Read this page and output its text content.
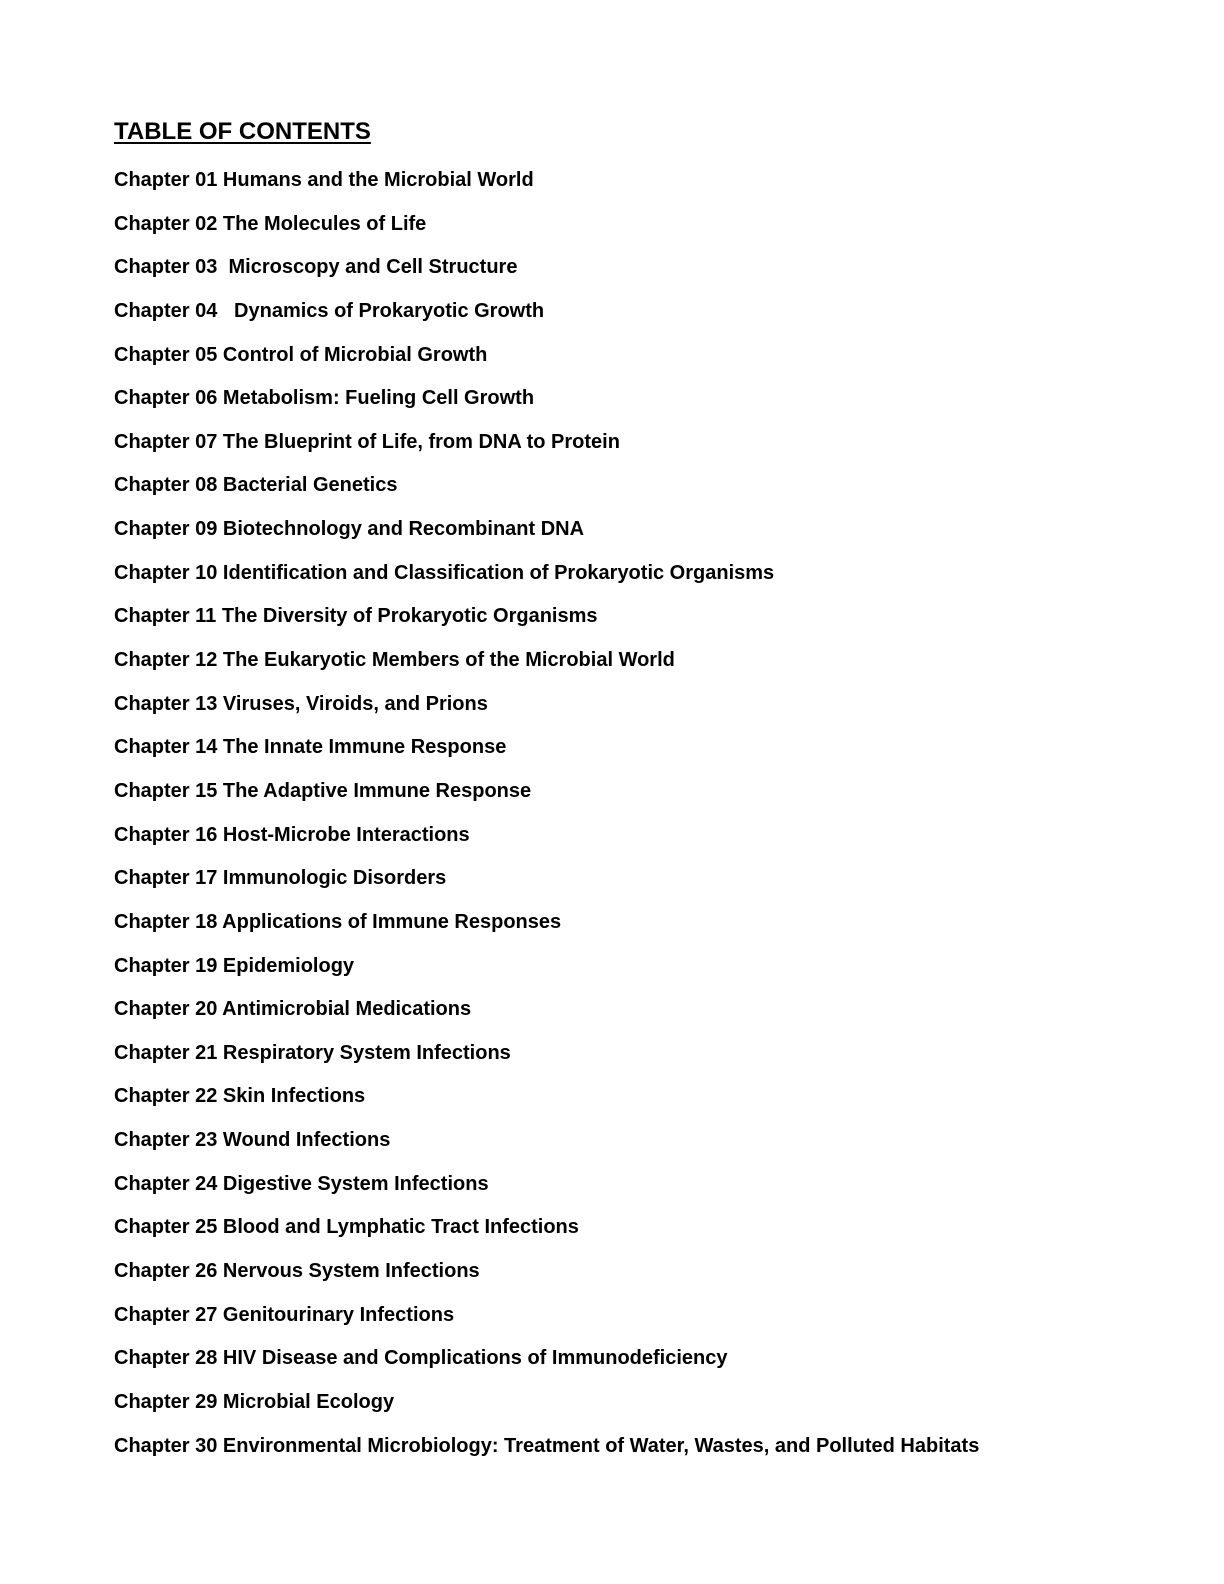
TABLE OF CONTENTS
Chapter 01 Humans and the Microbial World
Chapter 02 The Molecules of Life
Chapter 03  Microscopy and Cell Structure
Chapter 04   Dynamics of Prokaryotic Growth
Chapter 05 Control of Microbial Growth
Chapter 06 Metabolism: Fueling Cell Growth
Chapter 07 The Blueprint of Life, from DNA to Protein
Chapter 08 Bacterial Genetics
Chapter 09 Biotechnology and Recombinant DNA
Chapter 10 Identification and Classification of Prokaryotic Organisms
Chapter 11 The Diversity of Prokaryotic Organisms
Chapter 12 The Eukaryotic Members of the Microbial World
Chapter 13 Viruses, Viroids, and Prions
Chapter 14 The Innate Immune Response
Chapter 15 The Adaptive Immune Response
Chapter 16 Host-Microbe Interactions
Chapter 17 Immunologic Disorders
Chapter 18 Applications of Immune Responses
Chapter 19 Epidemiology
Chapter 20 Antimicrobial Medications
Chapter 21 Respiratory System Infections
Chapter 22 Skin Infections
Chapter 23 Wound Infections
Chapter 24 Digestive System Infections
Chapter 25 Blood and Lymphatic Tract Infections
Chapter 26 Nervous System Infections
Chapter 27 Genitourinary Infections
Chapter 28 HIV Disease and Complications of Immunodeficiency
Chapter 29 Microbial Ecology
Chapter 30 Environmental Microbiology: Treatment of Water, Wastes, and Polluted Habitats
